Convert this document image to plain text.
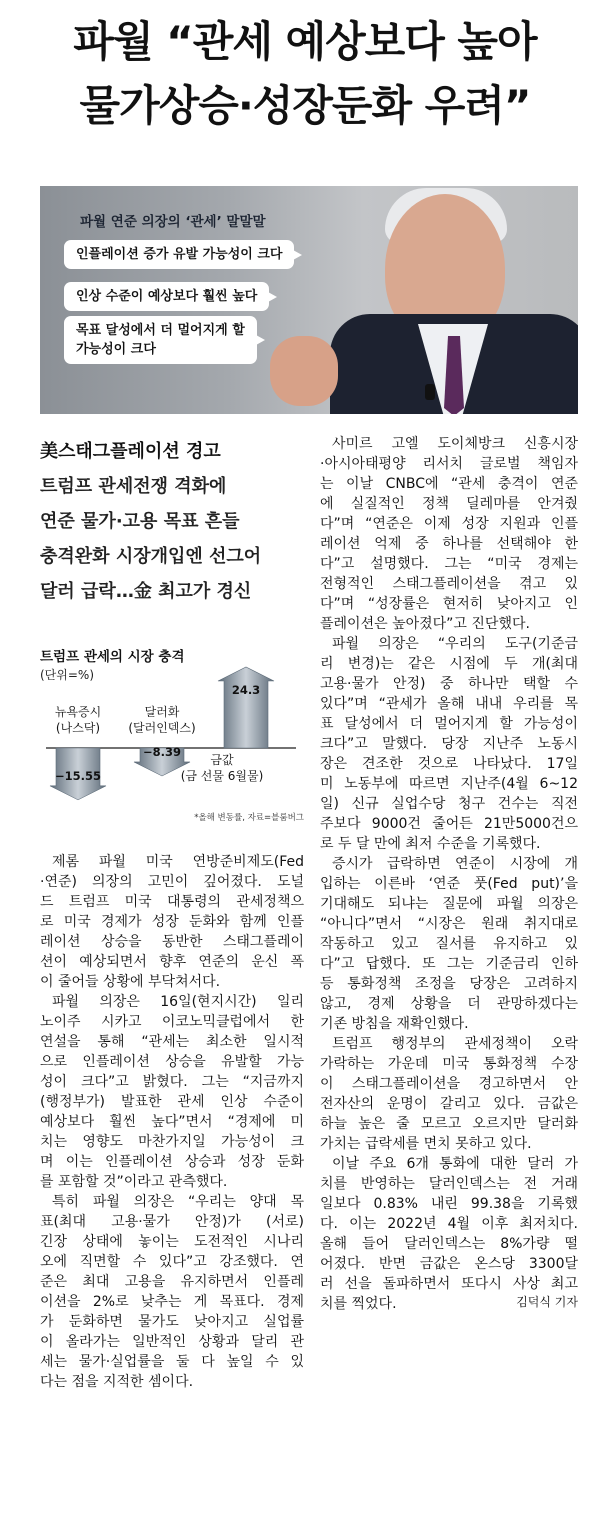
파월 “관세 예상보다 높아
물가상승·성장둔화 우려”
파월 연준 의장의 ‘관세’ 말말말
인플레이션 증가 유발 가능성이 크다
인상 수준이 예상보다 훨씬 높다
목표 달성에서 더 멀어지게 할
가능성이 크다
美스태그플레이션 경고
트럼프 관세전쟁 격화에
연준 물가·고용 목표 흔들
충격완화 시장개입엔 선그어
달러 급락…金 최고가 경신
트럼프 관세의 시장 충격
(단위=%)
−15.55
뉴욕증시
(나스닥)
−8.39
달러화
(달러인덱스)
24.3
금값
(금 선물 6월물)
*올해 변동률, 자료=블룸버그

제롬 파월 미국 연방준비제도(Fed

·연준) 의장의 고민이 깊어졌다. 도널

드 트럼프 미국 대통령의 관세정책으

로 미국 경제가 성장 둔화와 함께 인플

레이션 상승을 동반한 스태그플레이

션이 예상되면서 향후 연준의 운신 폭

이 줄어들 상황에 부닥쳐서다.

파월 의장은 16일(현지시간) 일리

노이주 시카고 이코노믹클럽에서 한

연설을 통해 “관세는 최소한 일시적

으로 인플레이션 상승을 유발할 가능

성이 크다”고 밝혔다. 그는 “지금까지

(행정부가) 발표한 관세 인상 수준이

예상보다 훨씬 높다”면서 “경제에 미

치는 영향도 마찬가지일 가능성이 크

며 이는 인플레이션 상승과 성장 둔화

를 포함할 것”이라고 관측했다.

특히 파월 의장은 “우리는 양대 목

표(최대 고용·물가 안정)가 (서로)

긴장 상태에 놓이는 도전적인 시나리

오에 직면할 수 있다”고 강조했다. 연

준은 최대 고용을 유지하면서 인플레

이션을 2%로 낮추는 게 목표다. 경제

가 둔화하면 물가도 낮아지고 실업률

이 올라가는 일반적인 상황과 달리 관

세는 물가·실업률을 둘 다 높일 수 있

다는 점을 지적한 셈이다.

사미르 고엘 도이체방크 신흥시장

·아시아태평양 리서치 글로벌 책임자

는 이날 CNBC에 “관세 충격이 연준

에 실질적인 정책 딜레마를 안겨줬

다”며 “연준은 이제 성장 지원과 인플

레이션 억제 중 하나를 선택해야 한

다”고 설명했다. 그는 “미국 경제는

전형적인 스태그플레이션을 겪고 있

다”며 “성장률은 현저히 낮아지고 인

플레이션은 높아졌다”고 진단했다.

파월 의장은 “우리의 도구(기준금

리 변경)는 같은 시점에 두 개(최대

고용·물가 안정) 중 하나만 택할 수

있다”며 “관세가 올해 내내 우리를 목

표 달성에서 더 멀어지게 할 가능성이

크다”고 말했다. 당장 지난주 노동시

장은 견조한 것으로 나타났다. 17일

미 노동부에 따르면 지난주(4월 6~12

일) 신규 실업수당 청구 건수는 직전

주보다 9000건 줄어든 21만5000건으

로 두 달 만에 최저 수준을 기록했다.

증시가 급락하면 연준이 시장에 개

입하는 이른바 ‘연준 풋(Fed put)’을

기대해도 되냐는 질문에 파월 의장은

“아니다”면서 “시장은 원래 취지대로

작동하고 있고 질서를 유지하고 있

다”고 답했다. 또 그는 기준금리 인하

등 통화정책 조정을 당장은 고려하지

않고, 경제 상황을 더 관망하겠다는

기존 방침을 재확인했다.

트럼프 행정부의 관세정책이 오락

가락하는 가운데 미국 통화정책 수장

이 스태그플레이션을 경고하면서 안

전자산의 운명이 갈리고 있다. 금값은

하늘 높은 줄 모르고 오르지만 달러화

가치는 급락세를 면치 못하고 있다.

이날 주요 6개 통화에 대한 달러 가

치를 반영하는 달러인덱스는 전 거래

일보다 0.83% 내린 99.38을 기록했

다. 이는 2022년 4월 이후 최저치다.

올해 들어 달러인덱스는 8%가량 떨

어졌다. 반면 금값은 온스당 3300달

러 선을 돌파하면서 또다시 사상 최고

치를 찍었다.	김덕식 기자
